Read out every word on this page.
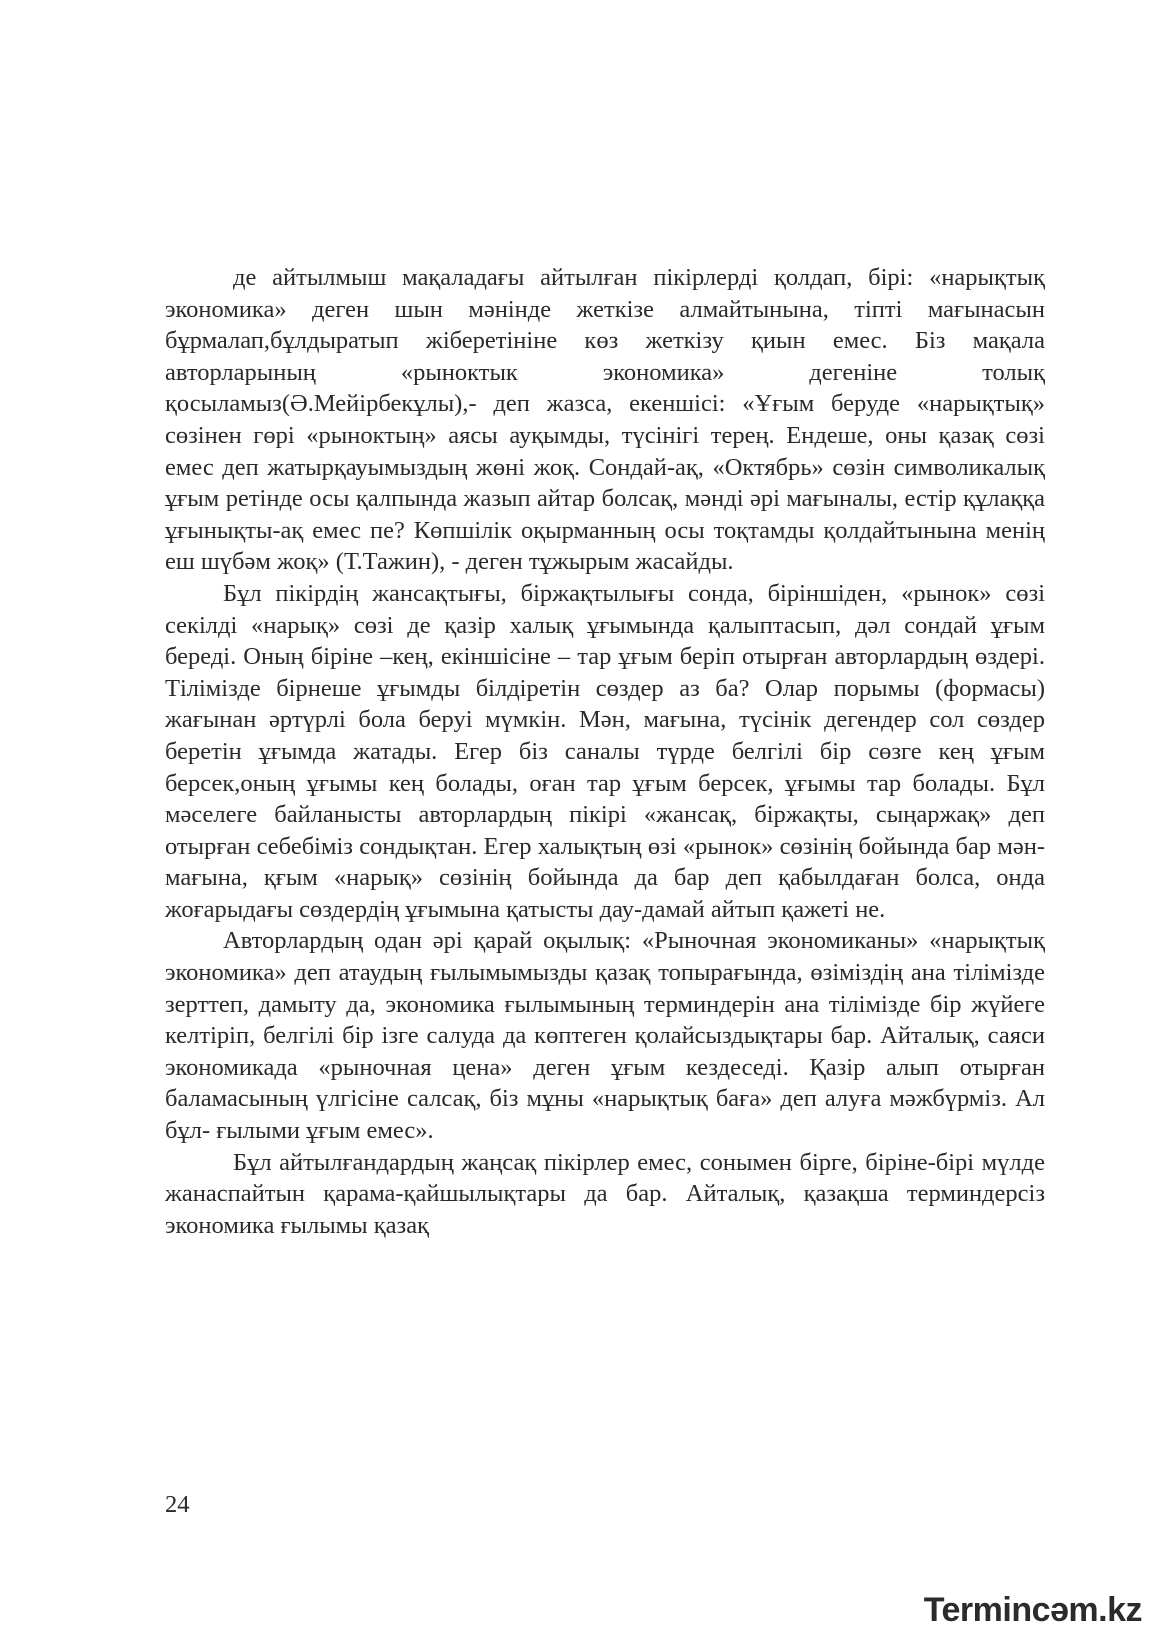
де айтылмыш мақаладағы айтылған пікірлерді қолдап, бірі: «нарықтық экономика» деген шын мәнінде жеткізе алмайтынына, тіпті мағынасын бұрмалап,бұлдыратып жіберетініне көз жеткізу қиын емес. Біз мақала авторларының «рыноктык экономика» дегеніне толық қосыламыз(Ә.Мейірбекұлы),- деп жазса, екеншісі: «Ұғым беруде «нарықтық» сөзінен гөрі «рыноктың» аясы ауқымды, түсінігі терең. Ендеше, оны қазақ сөзі емес деп жатырқауымыздың жөні жоқ. Сондай-ақ, «Октябрь» сөзін символикалық ұғым ретінде осы қалпында жазып айтар болсақ, мәнді әрі мағыналы, естір құлаққа ұғынықты-ақ емес пе? Көпшілік оқырманның осы тоқтамды қолдайтынына менің еш шүбәм жоқ» (Т.Тажин), - деген тұжырым жасайды.

Бұл пікірдің жансақтығы, біржақтылығы сонда, біріншіден, «рынок» сөзі секілді «нарық» сөзі де қазір халық ұғымында қалыптасып, дәл сондай ұғым береді. Оның біріне –кең, екіншісіне – тар ұғым беріп отырған авторлардың өздері. Тілімізде бірнеше ұғымды білдіретін сөздер аз ба? Олар порымы (формасы) жағынан әртүрлі бола беруі мүмкін. Мән, мағына, түсінік дегендер сол сөздер беретін ұғымда жатады. Егер біз саналы түрде белгілі бір сөзге кең ұғым берсек,оның ұғымы кең болады, оған тар ұғым берсек, ұғымы тар болады. Бұл мәселеге байланысты авторлардың пікірі «жансақ, біржақты, сыңаржақ» деп отырған себебіміз сондықтан. Егер халықтың өзі «рынок» сөзінің бойында бар мән-мағына, қғым «нарық» сөзінің бойында да бар деп қабылдаған болса, онда жоғарыдағы сөздердің ұғымына қатысты дау-дамай айтып қажеті не.

Авторлардың одан әрі қарай оқылық: «Рыночная экономиканы» «нарықтық экономика» деп атаудың ғылымымызды қазақ топырағында, өзіміздің ана тілімізде зерттеп, дамыту да, экономика ғылымының терминдерін ана тілімізде бір жүйеге келтіріп, белгілі бір ізге салуда да көптеген қолайсыздықтары бар. Айталық, саяси экономикада «рыночная цена» деген ұғым кездеседі. Қазір алып отырған баламасының үлгісіне салсақ, біз мұны «нарықтық баға» деп алуға мәжбүрміз. Ал бұл- ғылыми ұғым емес».

Бұл айтылғандардың жаңсақ пікірлер емес, сонымен бірге, біріне-бірі мүлде жанаспайтын қарама-қайшылықтары да бар. Айталық, қазақша терминдерсіз экономика ғылымы қазақ

24
Termincəm.kz
